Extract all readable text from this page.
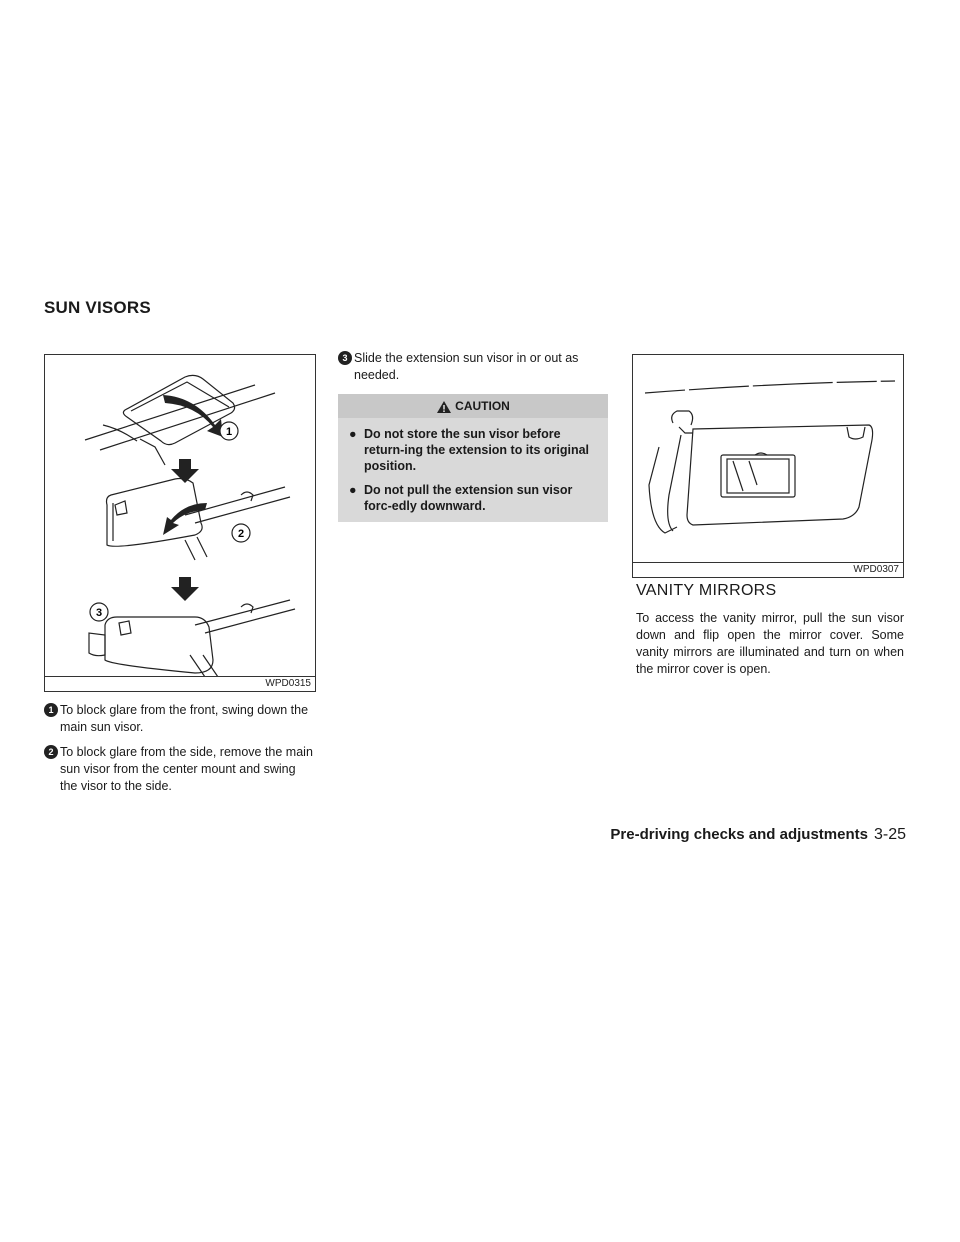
SUN VISORS
1
2
3
WPD0315
1 To block glare from the front, swing down the main sun visor.
2 To block glare from the side, remove the main sun visor from the center mount and swing the visor to the side.
3 Slide the extension sun visor in or out as needed.
CAUTION
● Do not store the sun visor before return-ing the extension to its original position.
● Do not pull the extension sun visor forc-edly downward.
WPD0307
VANITY MIRRORS
To access the vanity mirror, pull the sun visor down and flip open the mirror cover. Some vanity mirrors are illuminated and turn on when the mirror cover is open.
Pre-driving checks and adjustments 3-25
